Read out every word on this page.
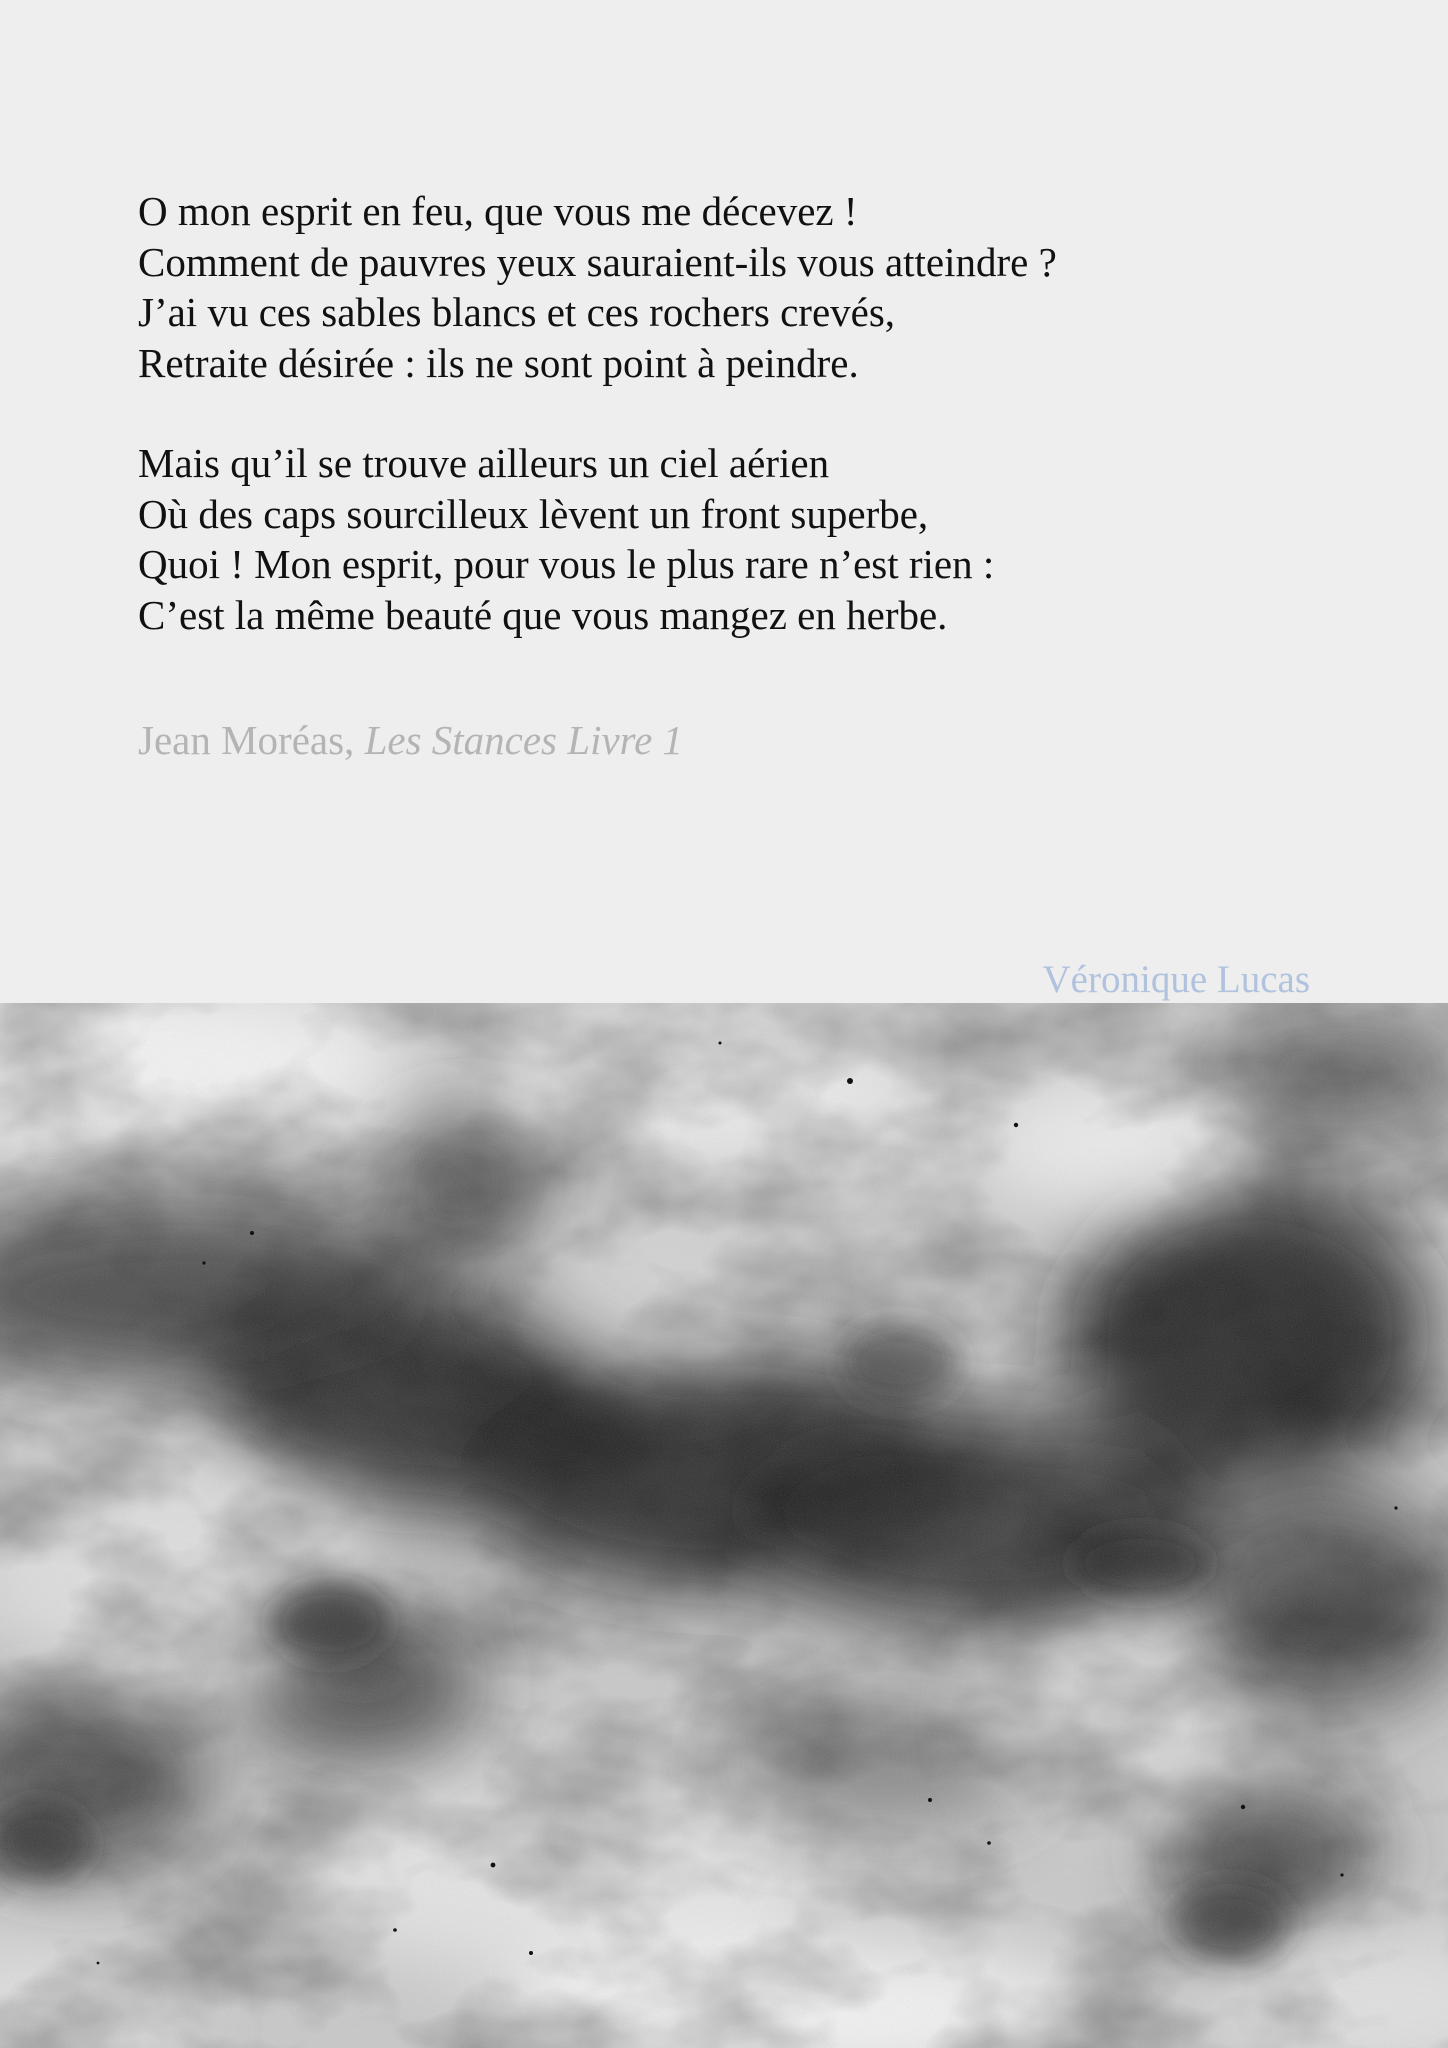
O mon esprit en feu, que vous me décevez !
Comment de pauvres yeux sauraient-ils vous atteindre ?
J’ai vu ces sables blancs et ces rochers crevés,
Retraite désirée : ils ne sont point à peindre.
Mais qu’il se trouve ailleurs un ciel aérien
Où des caps sourcilleux lèvent un front superbe,
Quoi ! Mon esprit, pour vous le plus rare n’est rien :
C’est la même beauté que vous mangez en herbe.
Jean Moréas, Les Stances Livre 1
Véronique Lucas
